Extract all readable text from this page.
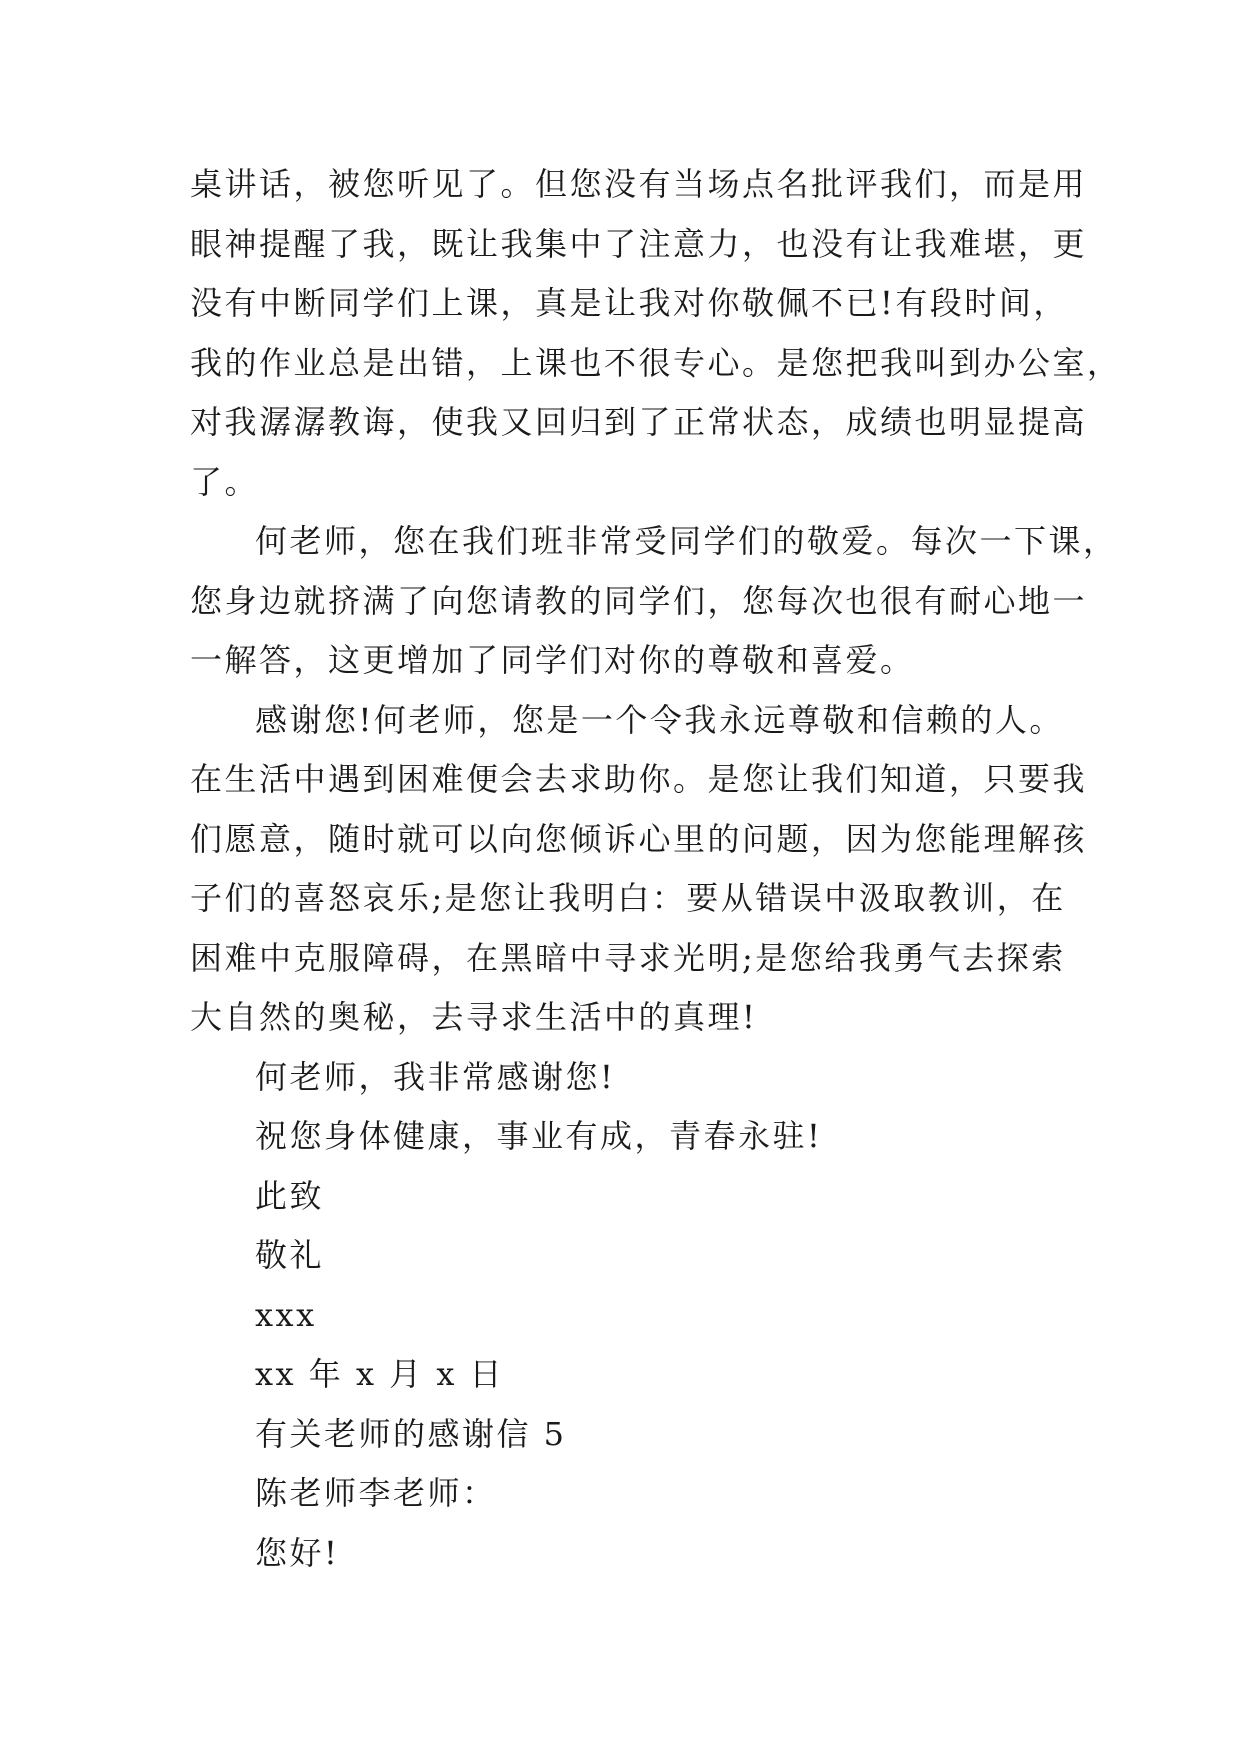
桌讲话，被您听见了。但您没有当场点名批评我们，而是用
眼神提醒了我，既让我集中了注意力，也没有让我难堪，更
没有中断同学们上课，真是让我对你敬佩不已!有段时间，
我的作业总是出错，上课也不很专心。是您把我叫到办公室，
对我潺潺教诲，使我又回归到了正常状态，成绩也明显提高
了。
何老师，您在我们班非常受同学们的敬爱。每次一下课，
您身边就挤满了向您请教的同学们，您每次也很有耐心地一
一解答，这更增加了同学们对你的尊敬和喜爱。
感谢您!何老师，您是一个令我永远尊敬和信赖的人。
在生活中遇到困难便会去求助你。是您让我们知道，只要我
们愿意，随时就可以向您倾诉心里的问题，因为您能理解孩
子们的喜怒哀乐;是您让我明白：要从错误中汲取教训，在
困难中克服障碍，在黑暗中寻求光明;是您给我勇气去探索
大自然的奥秘，去寻求生活中的真理!
何老师，我非常感谢您!
祝您身体健康，事业有成，青春永驻!
此致
敬礼
xxx
xx 年 x 月 x 日
有关老师的感谢信 5
陈老师李老师：
您好!
